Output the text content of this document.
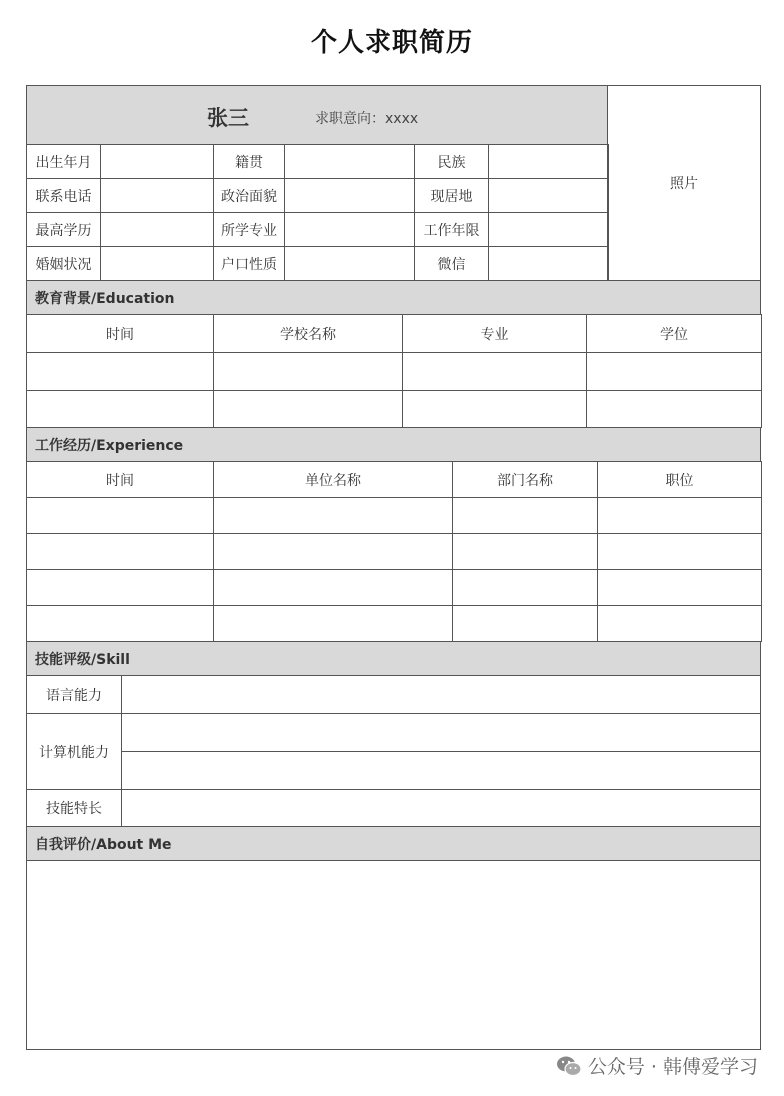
个人求职简历
张三	求职意向：xxxx
照片
出生年月	籍贯	民族
联系电话	政治面貌	现居地
最高学历	所学专业	工作年限
婚姻状况	户口性质	微信
教育背景/Education
时间	学校名称	专业	学位
工作经历/Experience
时间	单位名称	部门名称	职位
技能评级/Skill
语言能力
计算机能力
技能特长
自我评价/About Me
公众号 · 韩傅爱学习
